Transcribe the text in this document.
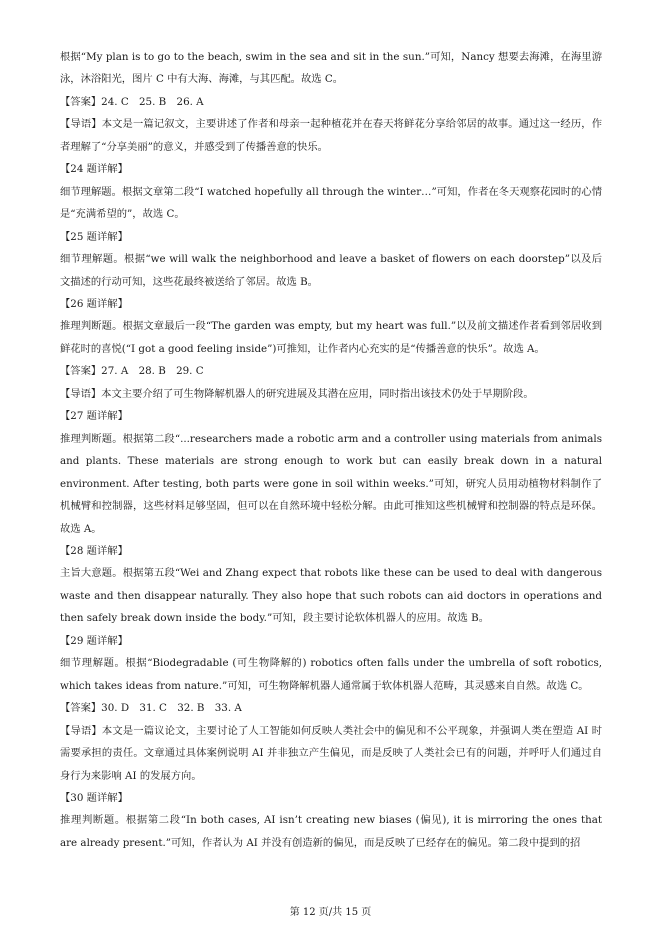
根据“My plan is to go to the beach, swim in the sea and sit in the sun.”可知，Nancy 想要去海滩，在海里游泳，沐浴阳光，图片 C 中有大海、海滩，与其匹配。故选 C。

【答案】24. C　25. B　26. A

【导语】本文是一篇记叙文，主要讲述了作者和母亲一起种植花并在春天将鲜花分享给邻居的故事。通过这一经历，作者理解了“分享美丽”的意义，并感受到了传播善意的快乐。

【24 题详解】

细节理解题。根据文章第二段“I watched hopefully all through the winter…”可知，作者在冬天观察花园时的心情是“充满希望的”，故选 C。

【25 题详解】

细节理解题。根据“we will walk the neighborhood and leave a basket of flowers on each doorstep”以及后文描述的行动可知，这些花最终被送给了邻居。故选 B。

【26 题详解】

推理判断题。根据文章最后一段“The garden was empty, but my heart was full.”以及前文描述作者看到邻居收到鲜花时的喜悦(“I got a good feeling inside”)可推知，让作者内心充实的是“传播善意的快乐”。故选 A。

【答案】27. A　28. B　29. C

【导语】本文主要介绍了可生物降解机器人的研究进展及其潜在应用，同时指出该技术仍处于早期阶段。

【27 题详解】

推理判断题。根据第二段“...researchers made a robotic arm and a controller using materials from animals and plants. These materials are strong enough to work but can easily break down in a natural environment. After testing, both parts were gone in soil within weeks.”可知，研究人员用动植物材料制作了机械臂和控制器，这些材料足够坚固，但可以在自然环境中轻松分解。由此可推知这些机械臂和控制器的特点是环保。故选 A。

【28 题详解】

主旨大意题。根据第五段“Wei and Zhang expect that robots like these can be used to deal with dangerous waste and then disappear naturally. They also hope that such robots can aid doctors in operations and then safely break down inside the body.”可知，段主要讨论软体机器人的应用。故选 B。

【29 题详解】

细节理解题。根据“Biodegradable (可生物降解的) robotics often falls under the umbrella of soft robotics, which takes ideas from nature.”可知，可生物降解机器人通常属于软体机器人范畴，其灵感来自自然。故选 C。

【答案】30. D　31. C　32. B　33. A

【导语】本文是一篇议论文，主要讨论了人工智能如何反映人类社会中的偏见和不公平现象，并强调人类在塑造 AI 时需要承担的责任。文章通过具体案例说明 AI 并非独立产生偏见，而是反映了人类社会已有的问题，并呼吁人们通过自身行为来影响 AI 的发展方向。

【30 题详解】

推理判断题。根据第二段“In both cases, AI isn’t creating new biases (偏见), it is mirroring the ones that are already present.”可知，作者认为 AI 并没有创造新的偏见，而是反映了已经存在的偏见。第二段中提到的招

第 12 页/共 15 页
